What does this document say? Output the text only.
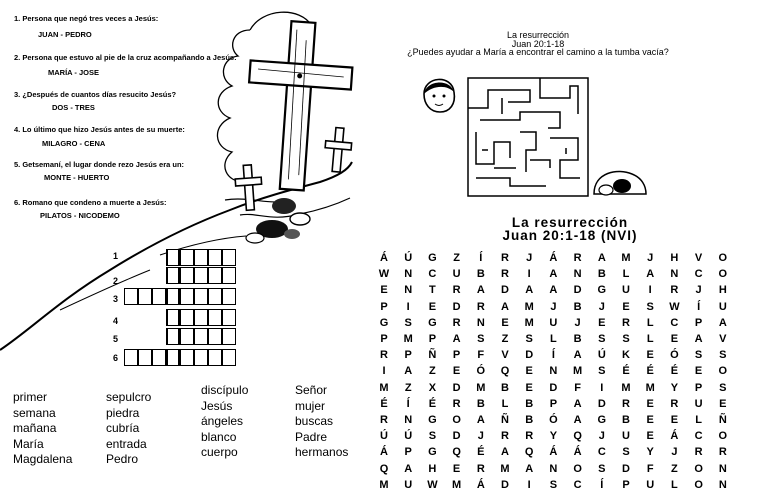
1. Persona que negó tres veces a Jesús:
JUAN - PEDRO
2. Persona que estuvo al pie de la cruz acompañando a Jesús:
MARÍA - JOSE
3. ¿Después de cuantos días resucito Jesús?
DOS - TRES
4. Lo último que hizo Jesús antes de su muerte:
MILAGRO - CENA
5. Getsemaní, el lugar donde rezo Jesús era un:
MONTE - HUERTO
6. Romano que condeno a muerte a Jesús:
PILATOS - NICODEMO
1
2
3
4
5
6
primer
semana
mañana
María
Magdalena
sepulcro
piedra
cubría
entrada
Pedro
discípulo
Jesús
ángeles
blanco
cuerpo
Señor
mujer
buscas
Padre
hermanos
La resurrección
Juan 20:1-18
¿Puedes ayudar a María a encontrar el camino a la tumba vacía?
La resurrección
Juan 20:1-18 (NVI)
Á	Ú	G	Z	Í	R	J	Á	R	A	M	J	H	V	O
W	N	C	U	B	R	I	A	N	B	L	A	N	C	O
E	N	T	R	A	D	A	A	D	G	U	I	R	J	H
P	I	E	D	R	A	M	J	B	J	E	S	W	Í	U
G	S	G	R	N	E	M	U	J	E	R	L	C	P	A
P	M	P	A	S	Z	S	L	B	S	S	L	E	A	V
R	P	Ñ	P	F	V	D	Í	A	Ú	K	E	Ó	S	S
I	A	Z	E	Ó	Q	E	N	M	S	É	É	É	E	O
M	Z	X	D	M	B	E	D	F	I	M	M	Y	P	S
É	Í	É	R	B	L	B	P	A	D	R	E	R	U	E
R	N	G	O	A	Ñ	B	Ó	A	G	B	E	E	L	Ñ
Ú	Ú	S	D	J	R	R	Y	Q	J	U	E	Á	C	O
Á	P	G	Q	É	A	Q	Á	Á	C	S	Y	J	R	R
Q	A	H	E	R	M	A	N	O	S	D	F	Z	O	N
M	U	W	M	Á	D	I	S	C	Í	P	U	L	O	N
